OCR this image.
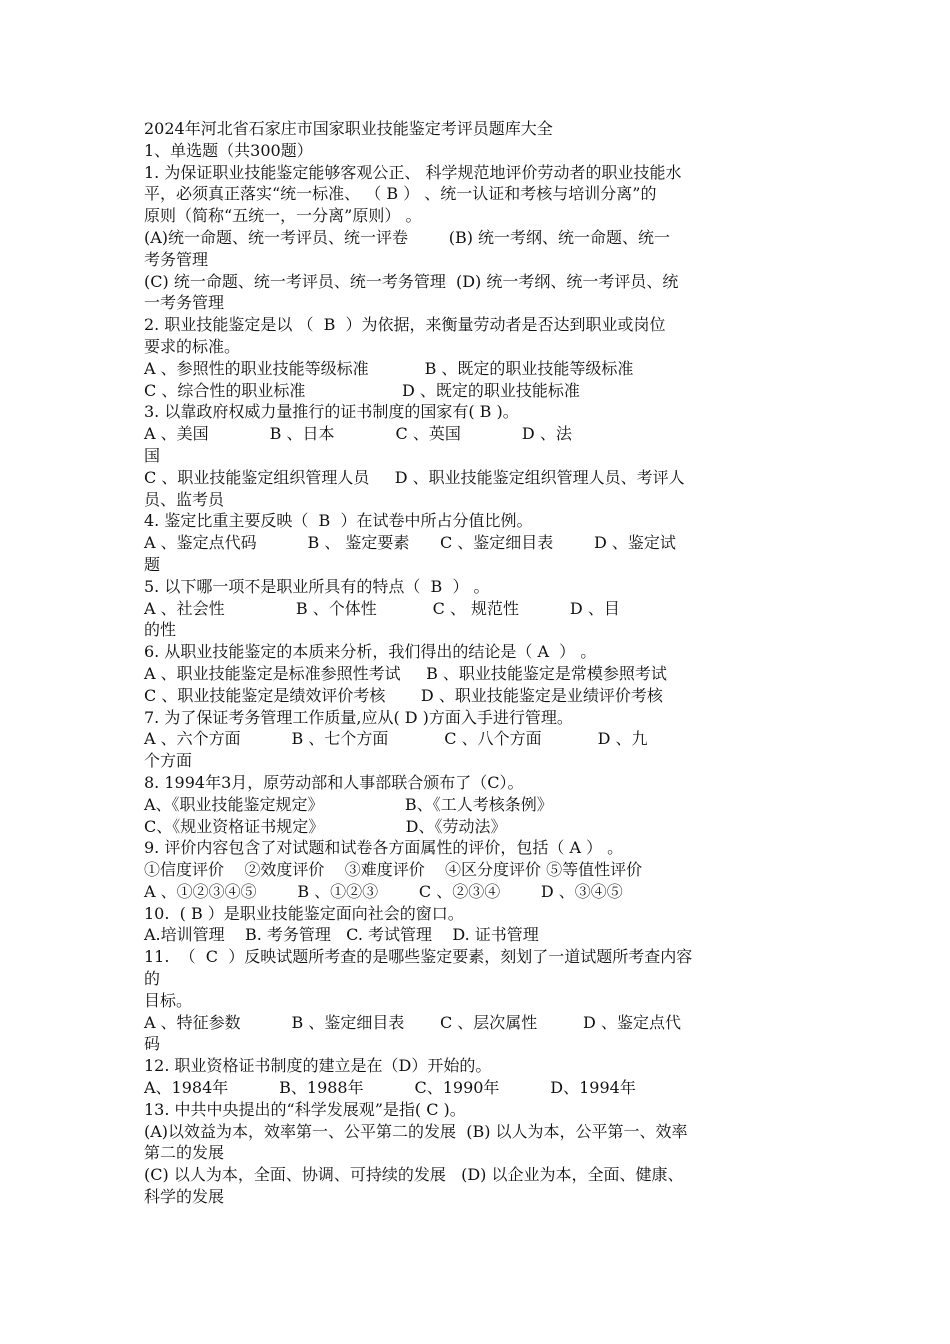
2024年河北省石家庄市国家职业技能鉴定考评员题库大全
1、单选题（共300题）
1. 为保证职业技能鉴定能够客观公正、 科学规范地评价劳动者的职业技能水
平，必须真正落实“统一标准、 （ B ） 、统一认证和考核与培训分离”的
原则（简称“五统一，一分离”原则） 。
(A)统一命题、统一考评员、统一评卷        (B) 统一考纲、统一命题、统一
考务管理
(C) 统一命题、统一考评员、统一考务管理  (D) 统一考纲、统一考评员、统
一考务管理
2. 职业技能鉴定是以 （  B  ）为依据，来衡量劳动者是否达到职业或岗位
要求的标准。
A 、参照性的职业技能等级标准           B 、既定的职业技能等级标准
C 、综合性的职业标准                   D 、既定的职业技能标准
3. 以靠政府权威力量推行的证书制度的国家有( B )。
A 、美国            B 、日本            C 、英国            D 、法
国
C 、职业技能鉴定组织管理人员     D 、职业技能鉴定组织管理人员、考评人
员、监考员
4. 鉴定比重主要反映（  B  ）在试卷中所占分值比例。
A 、鉴定点代码          B 、 鉴定要素      C 、鉴定细目表        D 、鉴定试
题
5. 以下哪一项不是职业所具有的特点（  B  ） 。
A 、社会性              B 、个体性           C 、 规范性          D 、目
的性
6. 从职业技能鉴定的本质来分析，我们得出的结论是（ A  ） 。
A 、职业技能鉴定是标准参照性考试     B 、职业技能鉴定是常模参照考试
C 、职业技能鉴定是绩效评价考核       D 、职业技能鉴定是业绩评价考核
7. 为了保证考务管理工作质量,应从( D )方面入手进行管理。
A 、六个方面          B 、七个方面           C 、八个方面           D 、九
个方面
8. 1994年3月，原劳动部和人事部联合颁布了（C）。
A、《职业技能鉴定规定》                B、《工人考核条例》
C、《规业资格证书规定》                D、《劳动法》
9. 评价内容包含了对试题和试卷各方面属性的评价，包括（ A ） 。
①信度评价    ②效度评价    ③难度评价    ④区分度评价 ⑤等值性评价
A 、①②③④⑤        B 、①②③        C 、②③④        D 、③④⑤
10.  ( B ）是职业技能鉴定面向社会的窗口。
A.培训管理    B. 考务管理   C. 考试管理    D. 证书管理
11.  （  C  ）反映试题所考查的是哪些鉴定要素，刻划了一道试题所考查内容
的
目标。
A 、特征参数          B 、鉴定细目表       C 、层次属性         D 、鉴定点代
码
12. 职业资格证书制度的建立是在（D）开始的。
A、1984年          B、1988年          C、1990年          D、1994年
13. 中共中央提出的“科学发展观”是指( C )。
(A)以效益为本，效率第一、公平第二的发展  (B) 以人为本，公平第一、效率
第二的发展
(C) 以人为本，全面、协调、可持续的发展   (D) 以企业为本，全面、健康、
科学的发展
